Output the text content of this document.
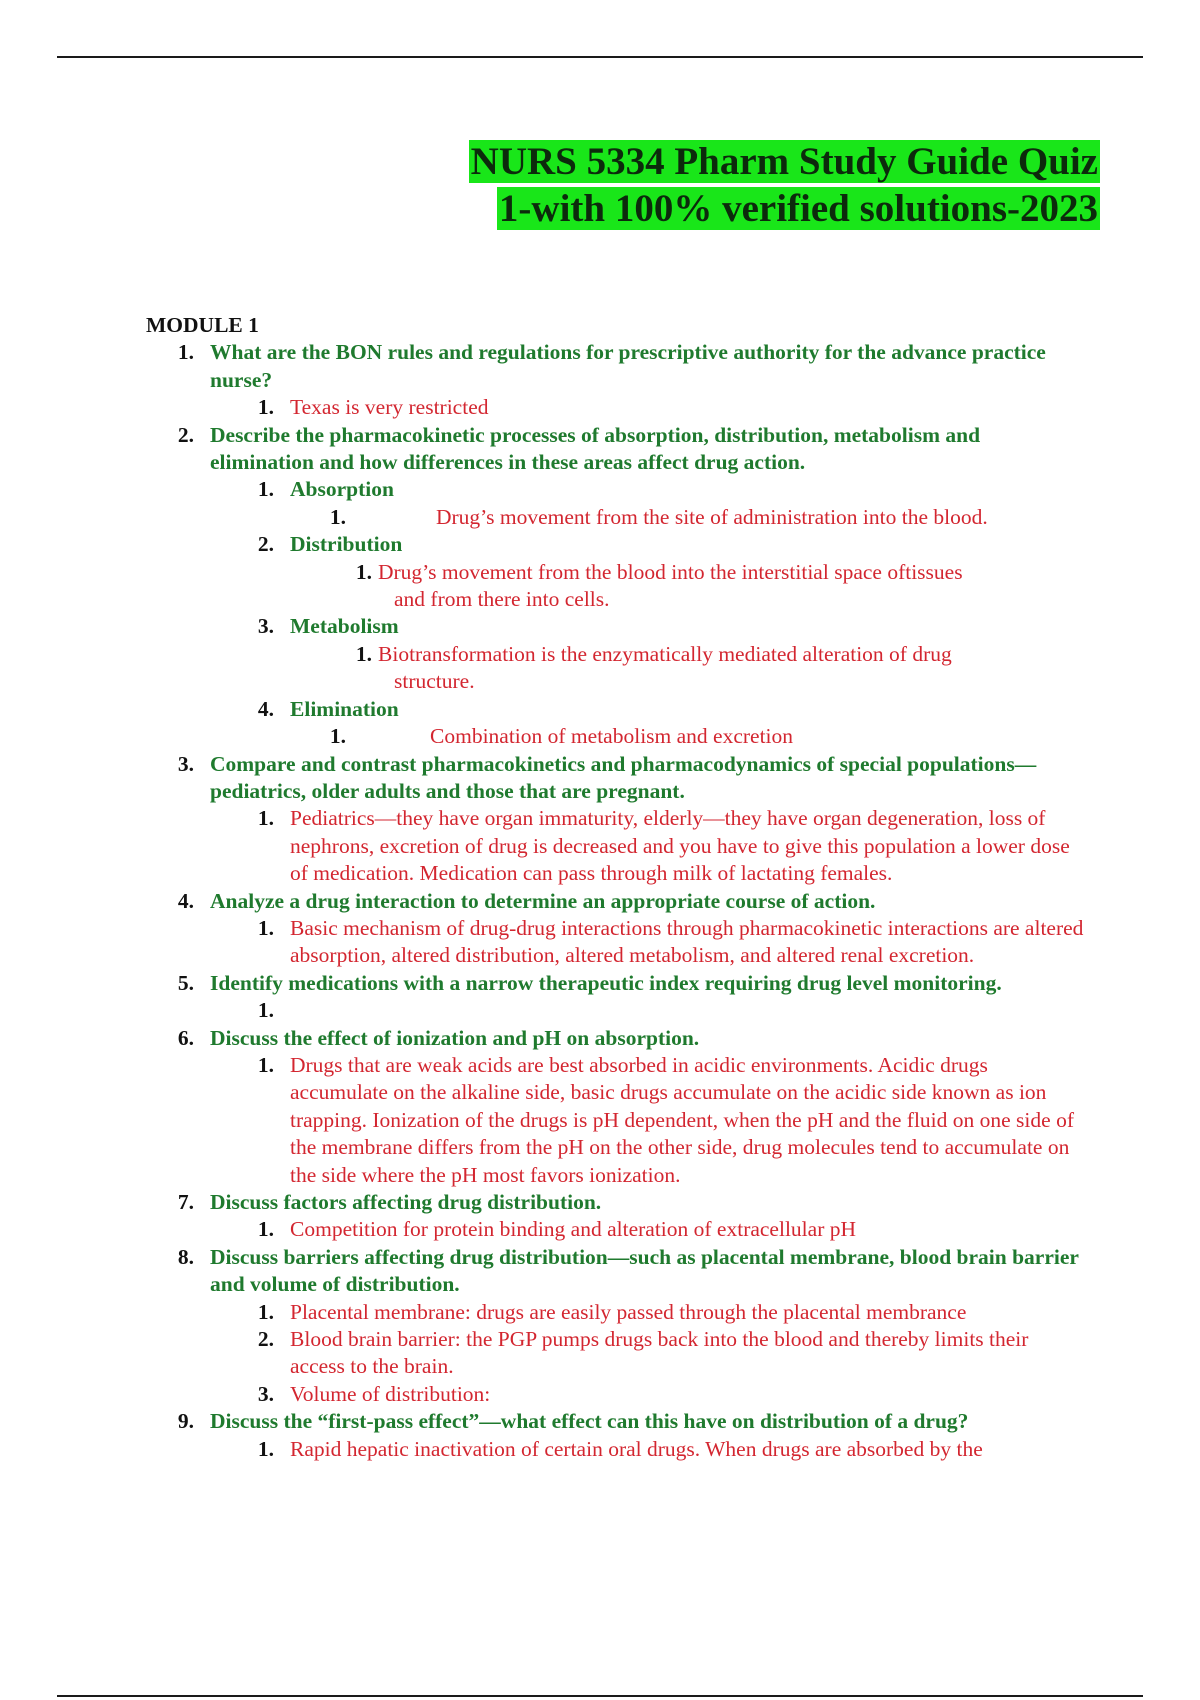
NURS 5334 Pharm Study Guide Quiz
1-with 100% verified solutions-2023
MODULE 1
1. What are the BON rules and regulations for prescriptive authority for the advance practice nurse?
1. Texas is very restricted
2. Describe the pharmacokinetic processes of absorption, distribution, metabolism and elimination and how differences in these areas affect drug action.
1. Absorption
1.	Drug’s movement from the site of administration into the blood.
2. Distribution
1. Drug’s movement from the blood into the interstitial space oftissues
and from there into cells.
3. Metabolism
1. Biotransformation is the enzymatically mediated alteration of drug
structure.
4. Elimination
1.	Combination of metabolism and excretion
3. Compare and contrast pharmacokinetics and pharmacodynamics of special populations—pediatrics, older adults and those that are pregnant.
1. Pediatrics—they have organ immaturity, elderly—they have organ degeneration, loss of nephrons, excretion of drug is decreased and you have to give this population a lower dose of medication. Medication can pass through milk of lactating females.
4. Analyze a drug interaction to determine an appropriate course of action.
1. Basic mechanism of drug-drug interactions through pharmacokinetic interactions are altered absorption, altered distribution, altered metabolism, and altered renal excretion.
5. Identify medications with a narrow therapeutic index requiring drug level monitoring.
1.
6. Discuss the effect of ionization and pH on absorption.
1. Drugs that are weak acids are best absorbed in acidic environments. Acidic drugs accumulate on the alkaline side, basic drugs accumulate on the acidic side known as ion trapping. Ionization of the drugs is pH dependent, when the pH and the fluid on one side of the membrane differs from the pH on the other side, drug molecules tend to accumulate on the side where the pH most favors ionization.
7. Discuss factors affecting drug distribution.
1. Competition for protein binding and alteration of extracellular pH
8. Discuss barriers affecting drug distribution—such as placental membrane, blood brain barrier and volume of distribution.
1. Placental membrane: drugs are easily passed through the placental membrance
2. Blood brain barrier: the PGP pumps drugs back into the blood and thereby limits their access to the brain.
3. Volume of distribution:
9. Discuss the “first-pass effect”—what effect can this have on distribution of a drug?
1. Rapid hepatic inactivation of certain oral drugs. When drugs are absorbed by the
